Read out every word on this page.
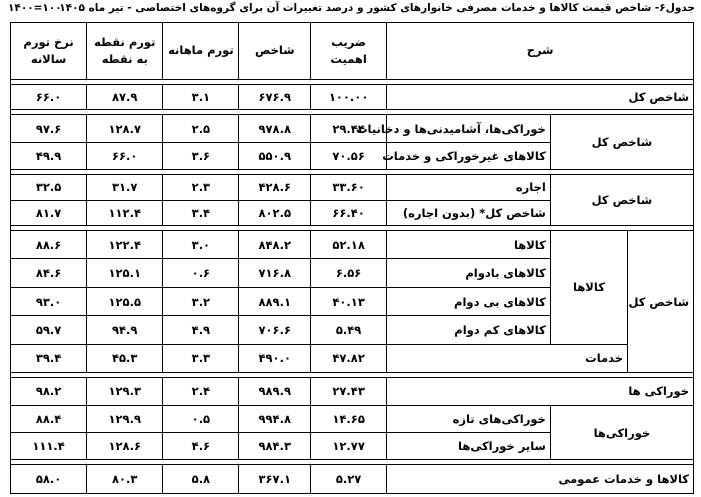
جدول۶- شاخص قیمت کالاها و خدمات مصرفی خانوارهای کشور و درصد تغییرات آن برای گروه‌های اختصاصی - تیر ماه ۱۴۰۵
۱۴۰۰=۱۰۰
شرح			ضریب اهمیت	شاخص	تورم ماهانه	تورم نقطه به نقطه	نرخ تورم سالانه

شاخص کل			۱۰۰.۰۰	۶۷۶.۹	۳.۱	۸۷.۹	۶۶.۰

شاخص کل		خوراکی‌ها، آشامیدنی‌ها و دخانیات	۲۹.۴۴	۹۷۸.۸	۲.۵	۱۲۸.۷	۹۷.۶
		کالاهای غیرخوراکی و خدمات	۷۰.۵۶	۵۵۰.۹	۳.۶	۶۶.۰	۴۹.۹

شاخص کل		اجاره	۳۳.۶۰	۴۲۸.۶	۲.۳	۳۱.۷	۳۲.۵
		شاخص کل* (بدون اجاره)	۶۶.۴۰	۸۰۲.۵	۳.۴	۱۱۲.۴	۸۱.۷

شاخص کل	کالاها	کالاها	۵۲.۱۸	۸۴۸.۲	۳.۰	۱۲۲.۴	۸۸.۶
		کالاهای بادوام	۶.۵۶	۷۱۶.۸	۰.۶	۱۲۵.۱	۸۴.۶
		کالاهای بی دوام	۴۰.۱۳	۸۸۹.۱	۳.۲	۱۲۵.۵	۹۳.۰
		کالاهای کم دوام	۵.۴۹	۷۰۶.۶	۴.۹	۹۴.۹	۵۹.۷
	خدمات		۴۷.۸۲	۴۹۰.۰	۳.۳	۴۵.۳	۳۹.۴

خوراکی ها			۲۷.۴۳	۹۸۹.۹	۲.۴	۱۲۹.۳	۹۸.۲
خوراکی‌ها		خوراکی‌های تازه	۱۴.۶۵	۹۹۴.۸	۰.۵	۱۲۹.۹	۸۸.۴
		سایر خوراکی‌ها	۱۲.۷۷	۹۸۴.۳	۴.۶	۱۲۸.۶	۱۱۱.۴

کالاها و خدمات عمومی			۵.۲۷	۳۶۷.۱	۵.۸	۸۰.۳	۵۸.۰
